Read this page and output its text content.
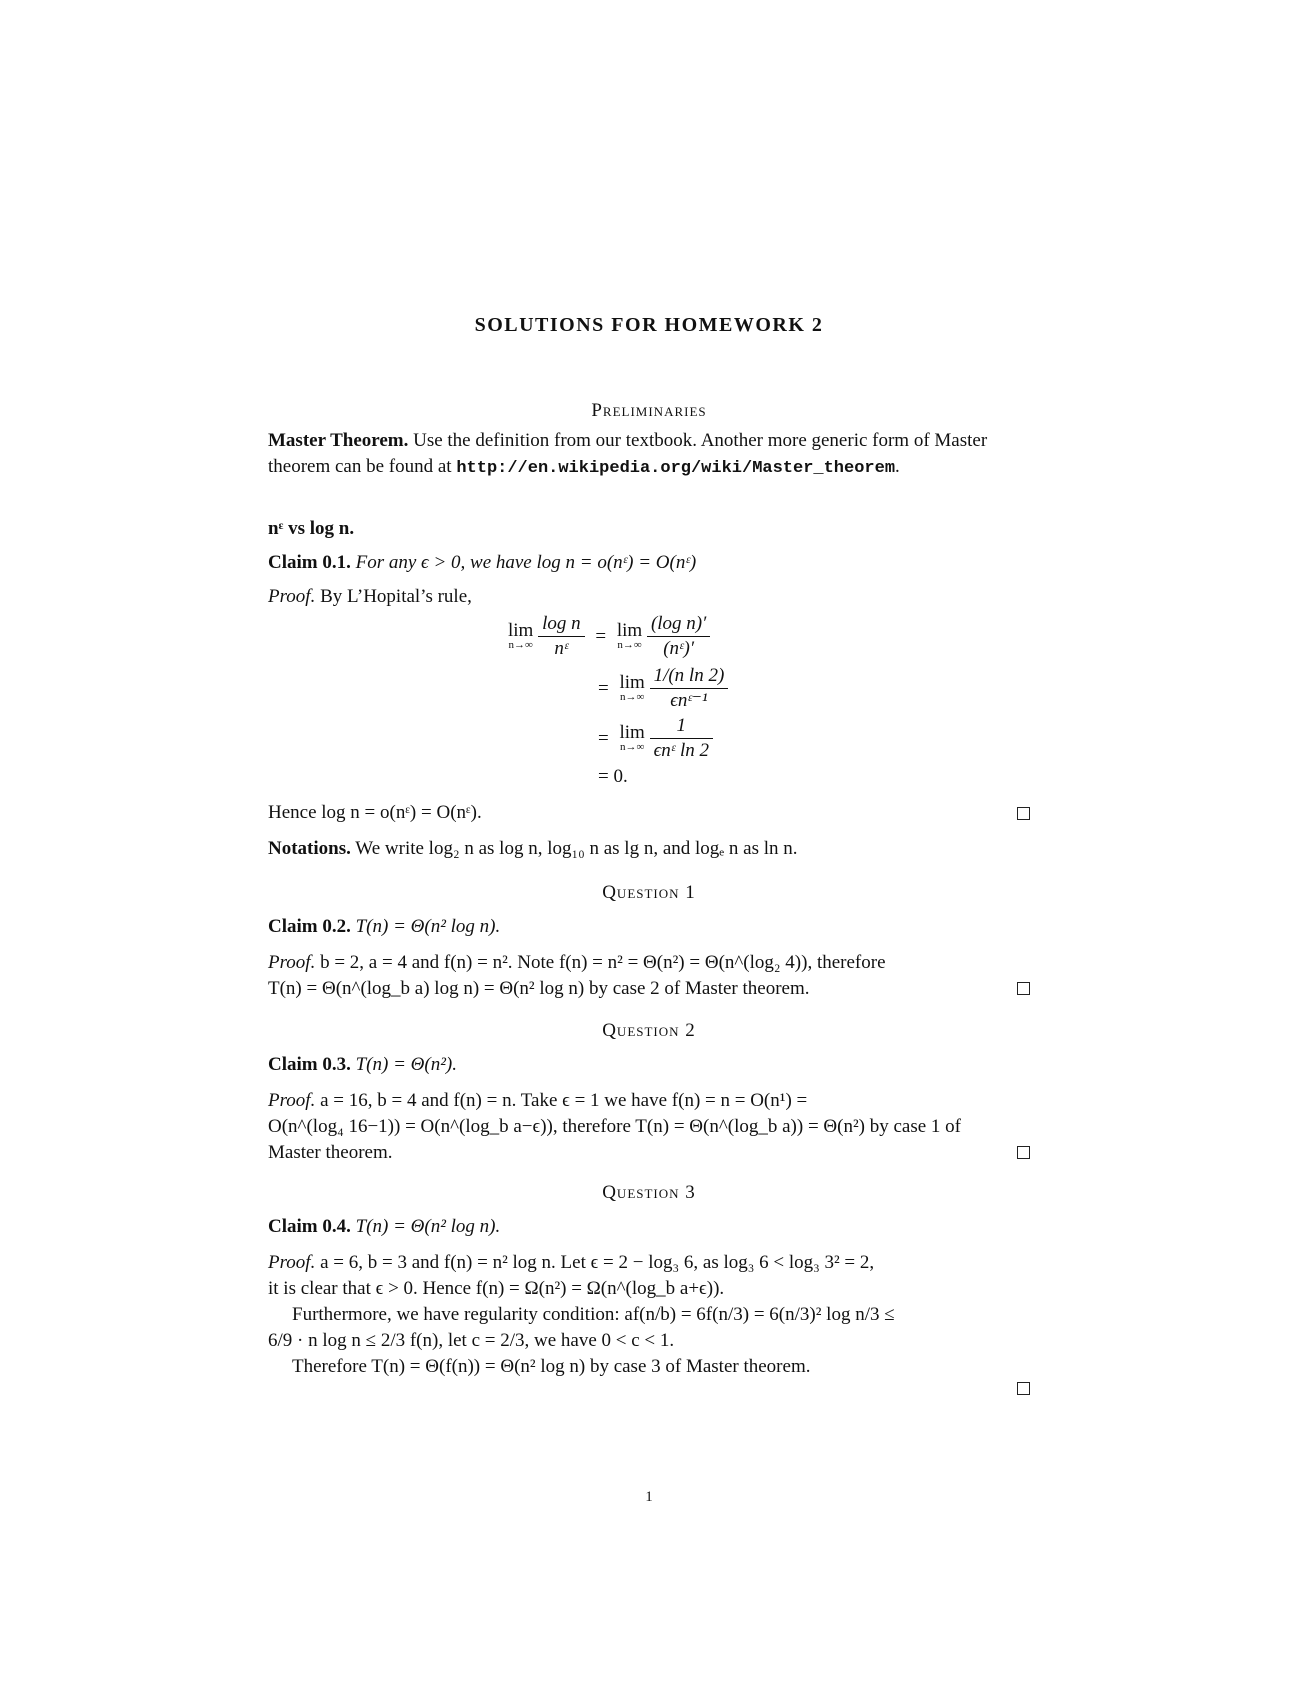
SOLUTIONS FOR HOMEWORK 2
Preliminaries
Master Theorem. Use the definition from our textbook. Another more generic form of Master theorem can be found at http://en.wikipedia.org/wiki/Master_theorem.
nᵋ vs log n.
Claim 0.1. For any ϵ > 0, we have log n = o(nᵋ) = O(nᵋ)
Proof. By L’Hopital’s rule,
lim
n→∞
$\frac{\text{log n}}{\text{nᵋ}} = \lim$
n→∞
$\frac{\text{(log n)′}}{\text{(nᵋ)′}}$
= lim
n→∞
$\frac{\text{1/(n ln 2)}}{\text{ϵnᵋ⁻¹}}$
= lim
n→∞
$\frac{1}{\text{ϵnᵋ ln 2}}$
= 0.
Hence log n = o(nᵋ) = O(nᵋ).
Notations. We write log₂ n as log n, log₁₀ n as lg n, and logₑ n as ln n.
Question 1
Claim 0.2. T(n) = Θ(n² log n).
Proof. b = 2, a = 4 and f(n) = n². Note f(n) = n² = Θ(n²) = Θ(n^(log₂ 4)), therefore
T(n) = Θ(n^(log_b a) log n) = Θ(n² log n) by case 2 of Master theorem.
Question 2
Claim 0.3. T(n) = Θ(n²).
Proof. a = 16, b = 4 and f(n) = n. Take ϵ = 1 we have f(n) = n = O(n¹) =
O(n^(log₄ 16−1)) = O(n^(log_b a−ϵ)), therefore T(n) = Θ(n^(log_b a)) = Θ(n²) by case 1 of
Master theorem.
Question 3
Claim 0.4. T(n) = Θ(n² log n).
Proof. a = 6, b = 3 and f(n) = n² log n. Let ϵ = 2 − log₃ 6, as log₃ 6 < log₃ 3² = 2,
it is clear that ϵ > 0. Hence f(n) = Ω(n²) = Ω(n^(log_b a+ϵ)).
Furthermore, we have regularity condition: af(n/b) = 6f(n/3) = 6(n/3)² log n/3 ≤
6/9 · n log n ≤ 2/3 f(n), let c = 2/3, we have 0 < c < 1.
Therefore T(n) = Θ(f(n)) = Θ(n² log n) by case 3 of Master theorem.
1
